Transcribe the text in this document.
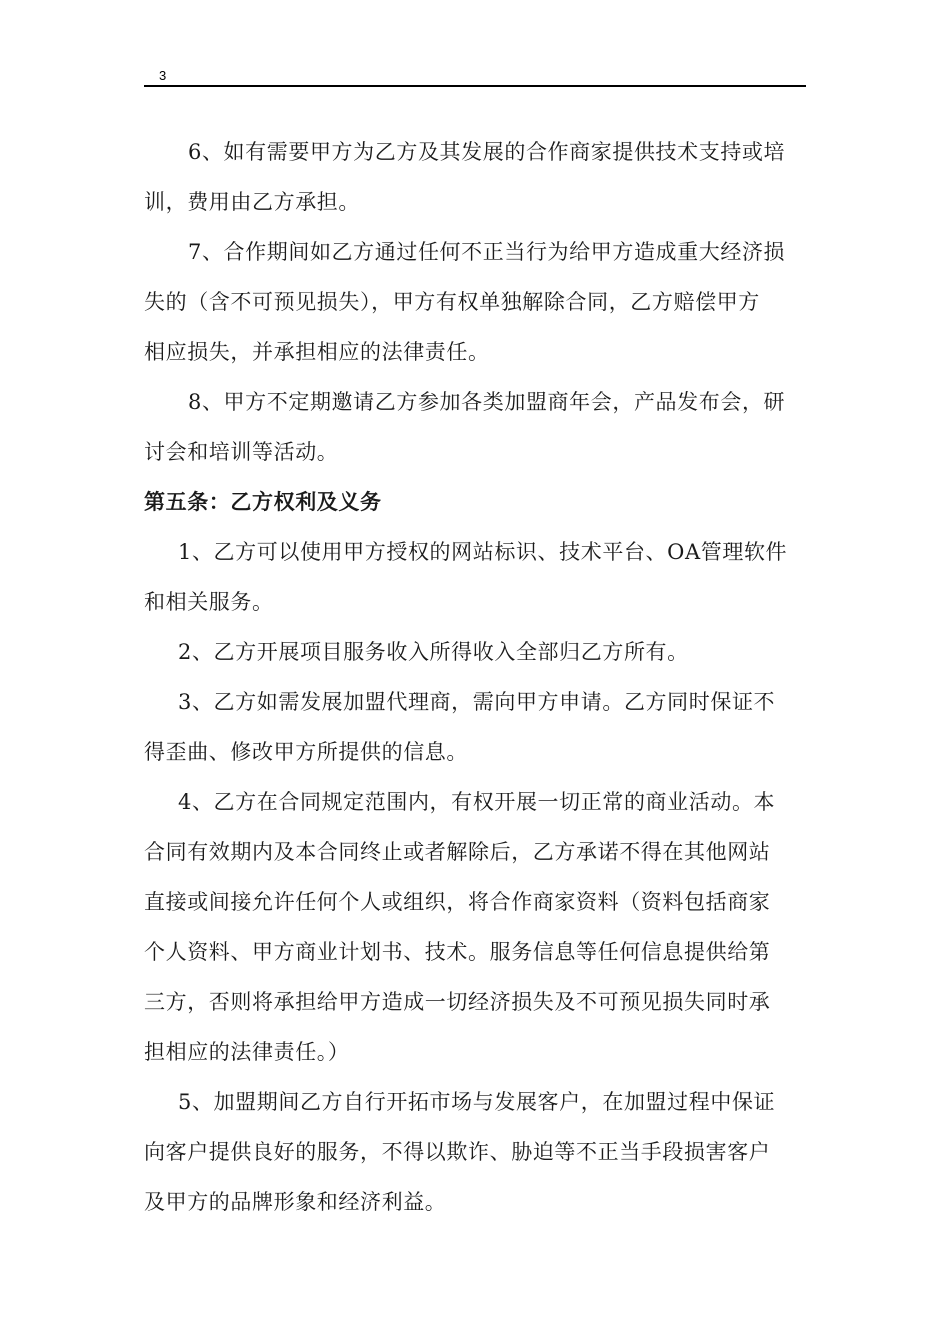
3
6、如有需要甲方为乙方及其发展的合作商家提供技术支持或培
训，费用由乙方承担。
7、合作期间如乙方通过任何不正当行为给甲方造成重大经济损
失的（含不可预见损失），甲方有权单独解除合同，乙方赔偿甲方
相应损失，并承担相应的法律责任。
8、甲方不定期邀请乙方参加各类加盟商年会，产品发布会，研
讨会和培训等活动。
第五条：乙方权利及义务
1、乙方可以使用甲方授权的网站标识、技术平台、OA管理软件
和相关服务。
2、乙方开展项目服务收入所得收入全部归乙方所有。
3、乙方如需发展加盟代理商，需向甲方申请。乙方同时保证不
得歪曲、修改甲方所提供的信息。
4、乙方在合同规定范围内，有权开展一切正常的商业活动。本
合同有效期内及本合同终止或者解除后，乙方承诺不得在其他网站
直接或间接允许任何个人或组织，将合作商家资料（资料包括商家
个人资料、甲方商业计划书、技术。服务信息等任何信息提供给第
三方，否则将承担给甲方造成一切经济损失及不可预见损失同时承
担相应的法律责任。）
5、加盟期间乙方自行开拓市场与发展客户，在加盟过程中保证
向客户提供良好的服务，不得以欺诈、胁迫等不正当手段损害客户
及甲方的品牌形象和经济利益。
